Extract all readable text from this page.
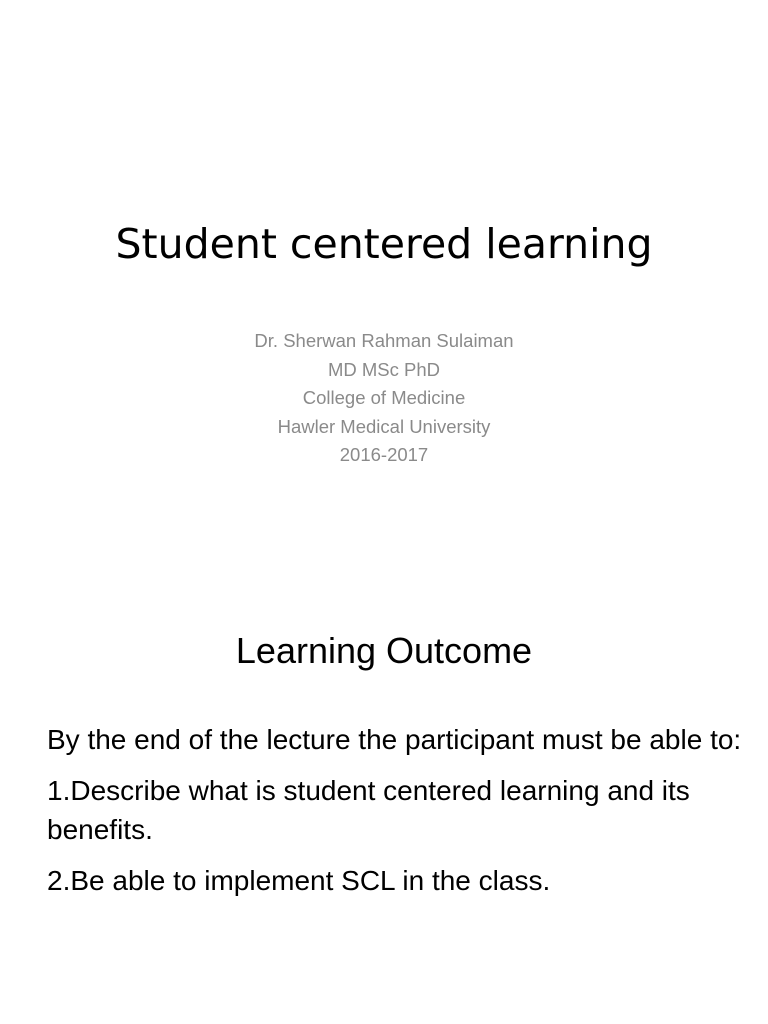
Student centered learning
Dr. Sherwan Rahman Sulaiman
MD MSc PhD
College of Medicine
Hawler Medical University
2016-2017
Learning Outcome

By the end of the lecture the participant must be able to:

1.Describe what is student centered learning and its benefits.

2.Be able to implement SCL in the class.
